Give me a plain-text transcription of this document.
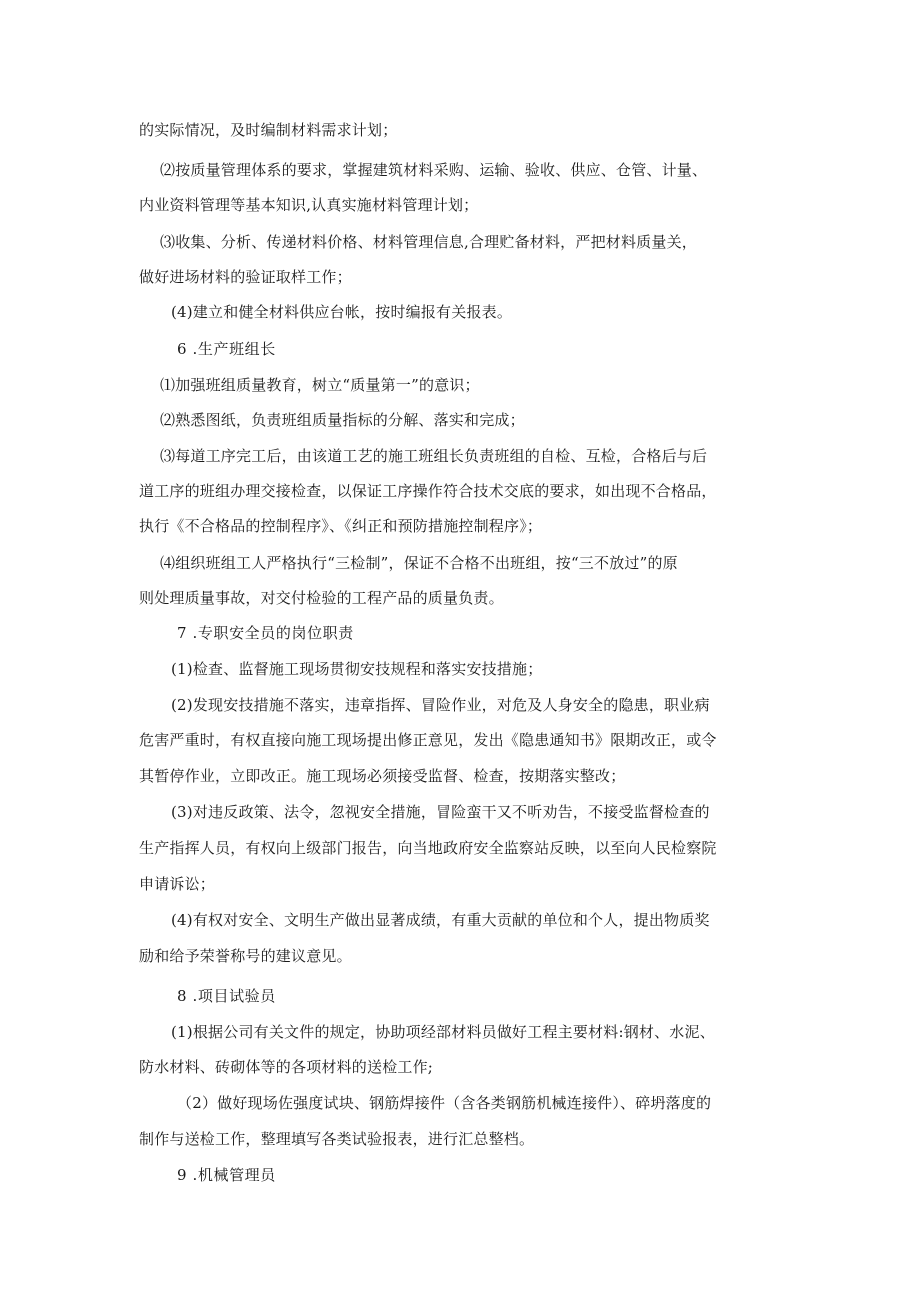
的实际情况，及时编制材料需求计划；

⑵按质量管理体系的要求，掌握建筑材料采购、运输、验收、供应、仓管、计量、

内业资料管理等基本知识,认真实施材料管理计划；

⑶收集、分析、传递材料价格、材料管理信息,合理贮备材料，严把材料质量关，

做好进场材料的验证取样工作；

(4)建立和健全材料供应台帐，按时编报有关报表。

6 .生产班组长

⑴加强班组质量教育，树立“质量第一”的意识；

⑵熟悉图纸，负责班组质量指标的分解、落实和完成；

⑶每道工序完工后，由该道工艺的施工班组长负责班组的自检、互检，合格后与后

道工序的班组办理交接检查，以保证工序操作符合技术交底的要求，如出现不合格品，

执行《不合格品的控制程序》、《纠正和预防措施控制程序》；

⑷组织班组工人严格执行“三检制”，保证不合格不出班组，按“三不放过”的原

则处理质量事故，对交付检验的工程产品的质量负责。

7 .专职安全员的岗位职责

(1)检查、监督施工现场贯彻安技规程和落实安技措施；

(2)发现安技措施不落实，违章指挥、冒险作业，对危及人身安全的隐患，职业病

危害严重时，有权直接向施工现场提出修正意见，发出《隐患通知书》限期改正，或令

其暂停作业，立即改正。施工现场必须接受监督、检查，按期落实整改；

(3)对违反政策、法令，忽视安全措施，冒险蛮干又不听劝告，不接受监督检查的

生产指挥人员，有权向上级部门报告，向当地政府安全监察站反映，以至向人民检察院

申请诉讼；

(4)有权对安全、文明生产做出显著成绩，有重大贡献的单位和个人，提出物质奖

励和给予荣誉称号的建议意见。

8 .项目试验员

(1)根据公司有关文件的规定，协助项经部材料员做好工程主要材料:钢材、水泥、

防水材料、砖砌体等的各项材料的送检工作;

（2）做好现场佐强度试块、钢筋焊接件（含各类钢筋机械连接件）、碎坍落度的

制作与送检工作，整理填写各类试验报表，进行汇总整档。

9 .机械管理员
